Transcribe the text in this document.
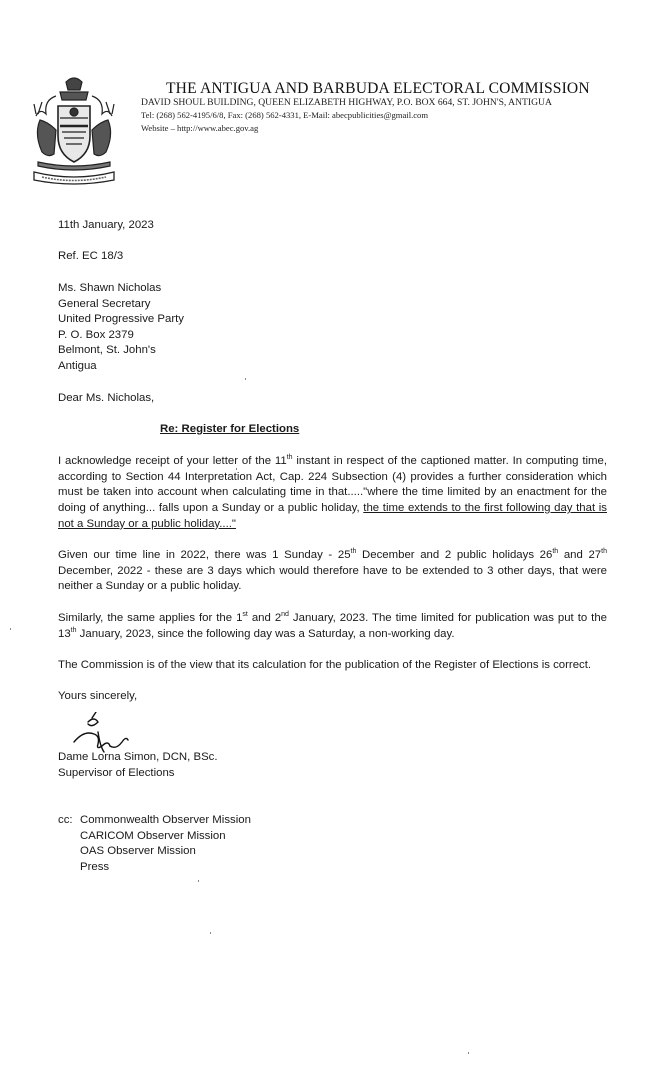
THE ANTIGUA AND BARBUDA ELECTORAL COMMISSION
DAVID SHOUL BUILDING, QUEEN ELIZABETH HIGHWAY, P.O. BOX 664, ST. JOHN'S, ANTIGUA
Tel: (268) 562-4195/6/8, Fax: (268) 562-4331, E-Mail: abecpublicities@gmail.com
Website – http://www.abec.gov.ag
11th January, 2023
Ref. EC 18/3
Ms. Shawn Nicholas
General Secretary
United Progressive Party
P. O. Box 2379
Belmont, St. John's
Antigua
Dear Ms. Nicholas,
Re: Register for Elections
I acknowledge receipt of your letter of the 11th instant in respect of the captioned matter. In computing time, according to Section 44 Interpretation Act, Cap. 224 Subsection (4) provides a further consideration which must be taken into account when calculating time in that....."where the time limited by an enactment for the doing of anything... falls upon a Sunday or a public holiday, the time extends to the first following day that is not a Sunday or a public holiday...."
Given our time line in 2022, there was 1 Sunday - 25th December and 2 public holidays 26th and 27th December, 2022 - these are 3 days which would therefore have to be extended to 3 other days, that were neither a Sunday or a public holiday.
Similarly, the same applies for the 1st and 2nd January, 2023. The time limited for publication was put to the 13th January, 2023, since the following day was a Saturday, a non-working day.
The Commission is of the view that its calculation for the publication of the Register of Elections is correct.
Yours sincerely,
Dame Lorna Simon, DCN, BSc.
Supervisor of Elections
cc: Commonwealth Observer Mission
CARICOM Observer Mission
OAS Observer Mission
Press
